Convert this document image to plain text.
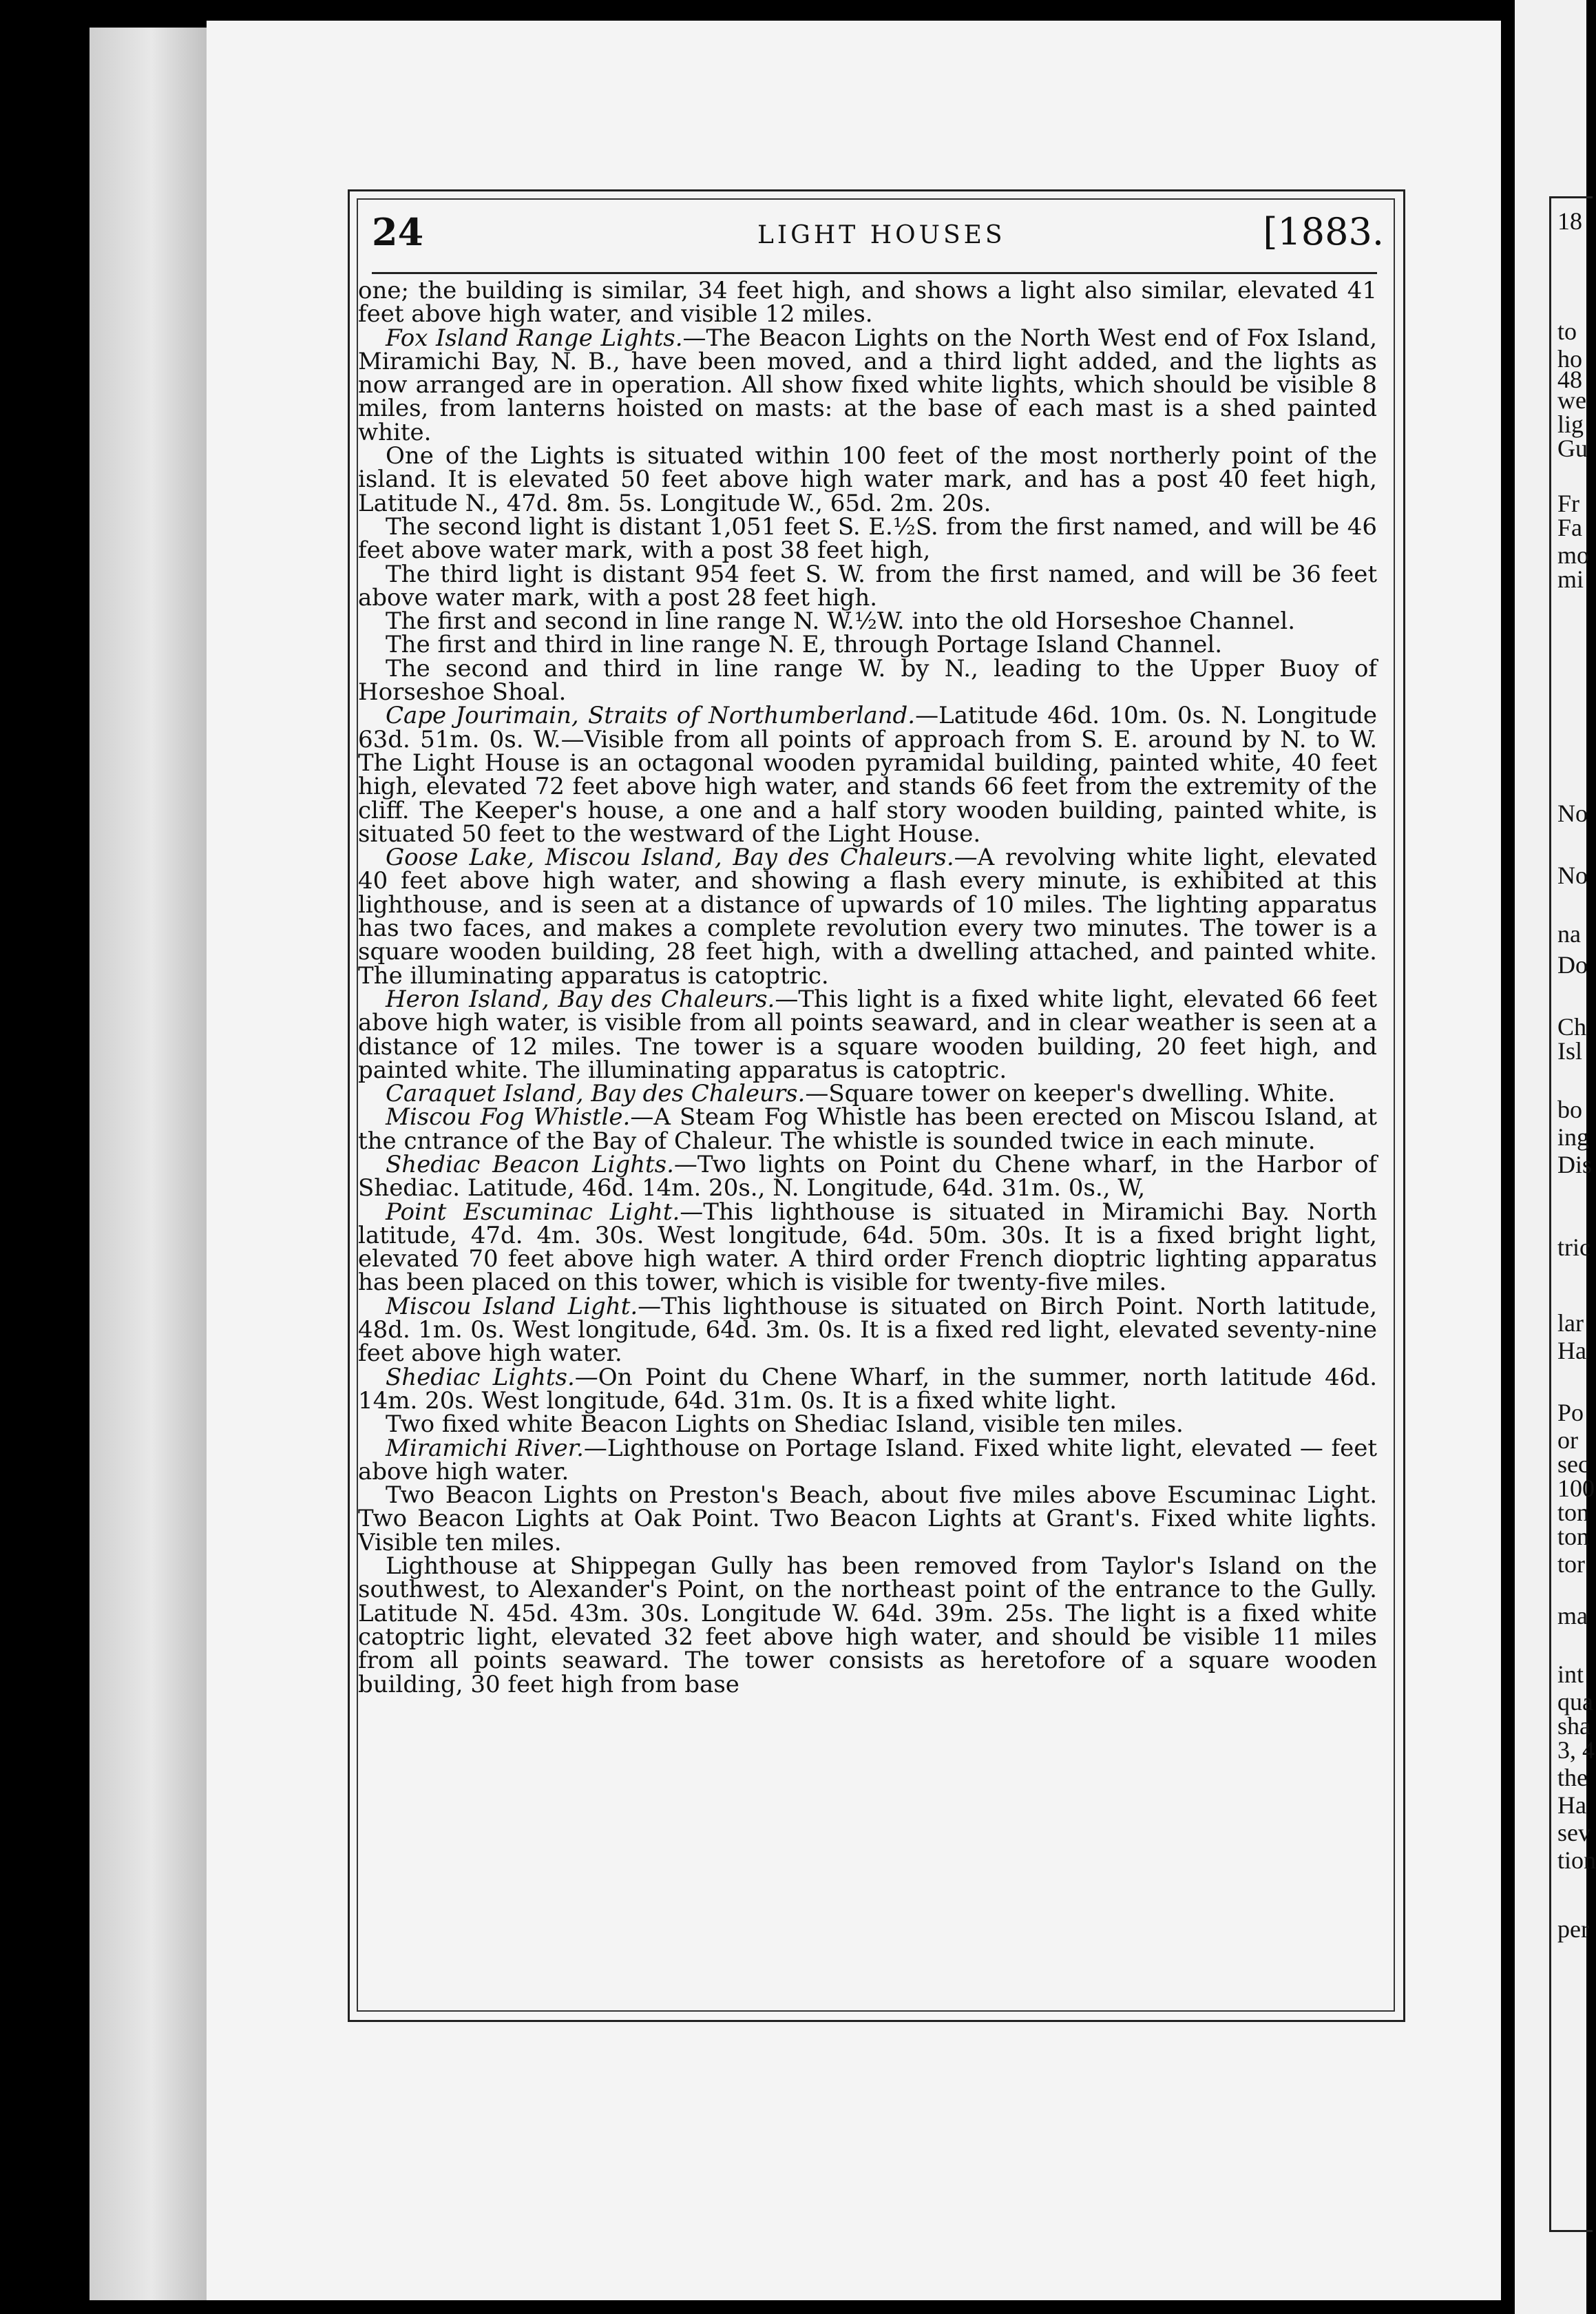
18
to
ho
48
we
lig
Gu
Fr
Fa
mo
mi
No
No
na
Do
Ch
Isl
bo
ing
Dis
tric
lar
Ha
Po
or
sec
100
ton
ton
tor
ma
int
qua
sha
3, 4
the
Ha
sev
tion
per
24	LIGHT HOUSES	[1883.

one; the building is similar, 34 feet high, and shows a light also similar, elevated 41 feet above high water, and visible 12 miles.

Fox Island Range Lights.—The Beacon Lights on the North West end of Fox Island, Miramichi Bay, N. B., have been moved, and a third light added, and the lights as now arranged are in operation. All show fixed white lights, which should be visible 8 miles, from lanterns hoisted on masts: at the base of each mast is a shed painted white.

One of the Lights is situated within 100 feet of the most northerly point of the island. It is elevated 50 feet above high water mark, and has a post 40 feet high, Latitude N., 47d. 8m. 5s. Longitude W., 65d. 2m. 20s.

The second light is distant 1,051 feet S. E.½S. from the first named, and will be 46 feet above water mark, with a post 38 feet high,

The third light is distant 954 feet S. W. from the first named, and will be 36 feet above water mark, with a post 28 feet high.

The first and second in line range N. W.½W. into the old Horseshoe Channel.

The first and third in line range N. E, through Portage Island Channel.

The second and third in line range W. by N., leading to the Upper Buoy of Horseshoe Shoal.

Cape Jourimain, Straits of Northumberland.—Latitude 46d. 10m. 0s. N. Longitude 63d. 51m. 0s. W.—Visible from all points of approach from S. E. around by N. to W. The Light House is an octagonal wooden pyramidal building, painted white, 40 feet high, elevated 72 feet above high water, and stands 66 feet from the extremity of the cliff. The Keeper's house, a one and a half story wooden building, painted white, is situated 50 feet to the westward of the Light House.

Goose Lake, Miscou Island, Bay des Chaleurs.—A revolving white light, elevated 40 feet above high water, and showing a flash every minute, is exhibited at this lighthouse, and is seen at a distance of upwards of 10 miles. The lighting apparatus has two faces, and makes a complete revolution every two minutes. The tower is a square wooden building, 28 feet high, with a dwelling attached, and painted white. The illuminating apparatus is catoptric.

Heron Island, Bay des Chaleurs.—This light is a fixed white light, elevated 66 feet above high water, is visible from all points seaward, and in clear weather is seen at a distance of 12 miles. Tne tower is a square wooden building, 20 feet high, and painted white. The illuminating apparatus is catoptric.

Caraquet Island, Bay des Chaleurs.—Square tower on keeper's dwelling. White.

Miscou Fog Whistle.—A Steam Fog Whistle has been erected on Miscou Island, at the cntrance of the Bay of Chaleur. The whistle is sounded twice in each minute.

Shediac Beacon Lights.—Two lights on Point du Chene wharf, in the Harbor of Shediac. Latitude, 46d. 14m. 20s., N. Longitude, 64d. 31m. 0s., W,

Point Escuminac Light.—This lighthouse is situated in Miramichi Bay. North latitude, 47d. 4m. 30s. West longitude, 64d. 50m. 30s. It is a fixed bright light, elevated 70 feet above high water. A third order French dioptric lighting apparatus has been placed on this tower, which is visible for twenty-five miles.

Miscou Island Light.—This lighthouse is situated on Birch Point. North latitude, 48d. 1m. 0s. West longitude, 64d. 3m. 0s. It is a fixed red light, elevated seventy-nine feet above high water.

Shediac Lights.—On Point du Chene Wharf, in the summer, north latitude 46d. 14m. 20s. West longitude, 64d. 31m. 0s. It is a fixed white light.

Two fixed white Beacon Lights on Shediac Island, visible ten miles.

Miramichi River.—Lighthouse on Portage Island. Fixed white light, elevated — feet above high water.

Two Beacon Lights on Preston's Beach, about five miles above Escuminac Light. Two Beacon Lights at Oak Point. Two Beacon Lights at Grant's. Fixed white lights. Visible ten miles.

Lighthouse at Shippegan Gully has been removed from Taylor's Island on the southwest, to Alexander's Point, on the northeast point of the entrance to the Gully. Latitude N. 45d. 43m. 30s. Longitude W. 64d. 39m. 25s. The light is a fixed white catoptric light, elevated 32 feet above high water, and should be visible 11 miles from all points seaward. The tower consists as heretofore of a square wooden building, 30 feet high from base
